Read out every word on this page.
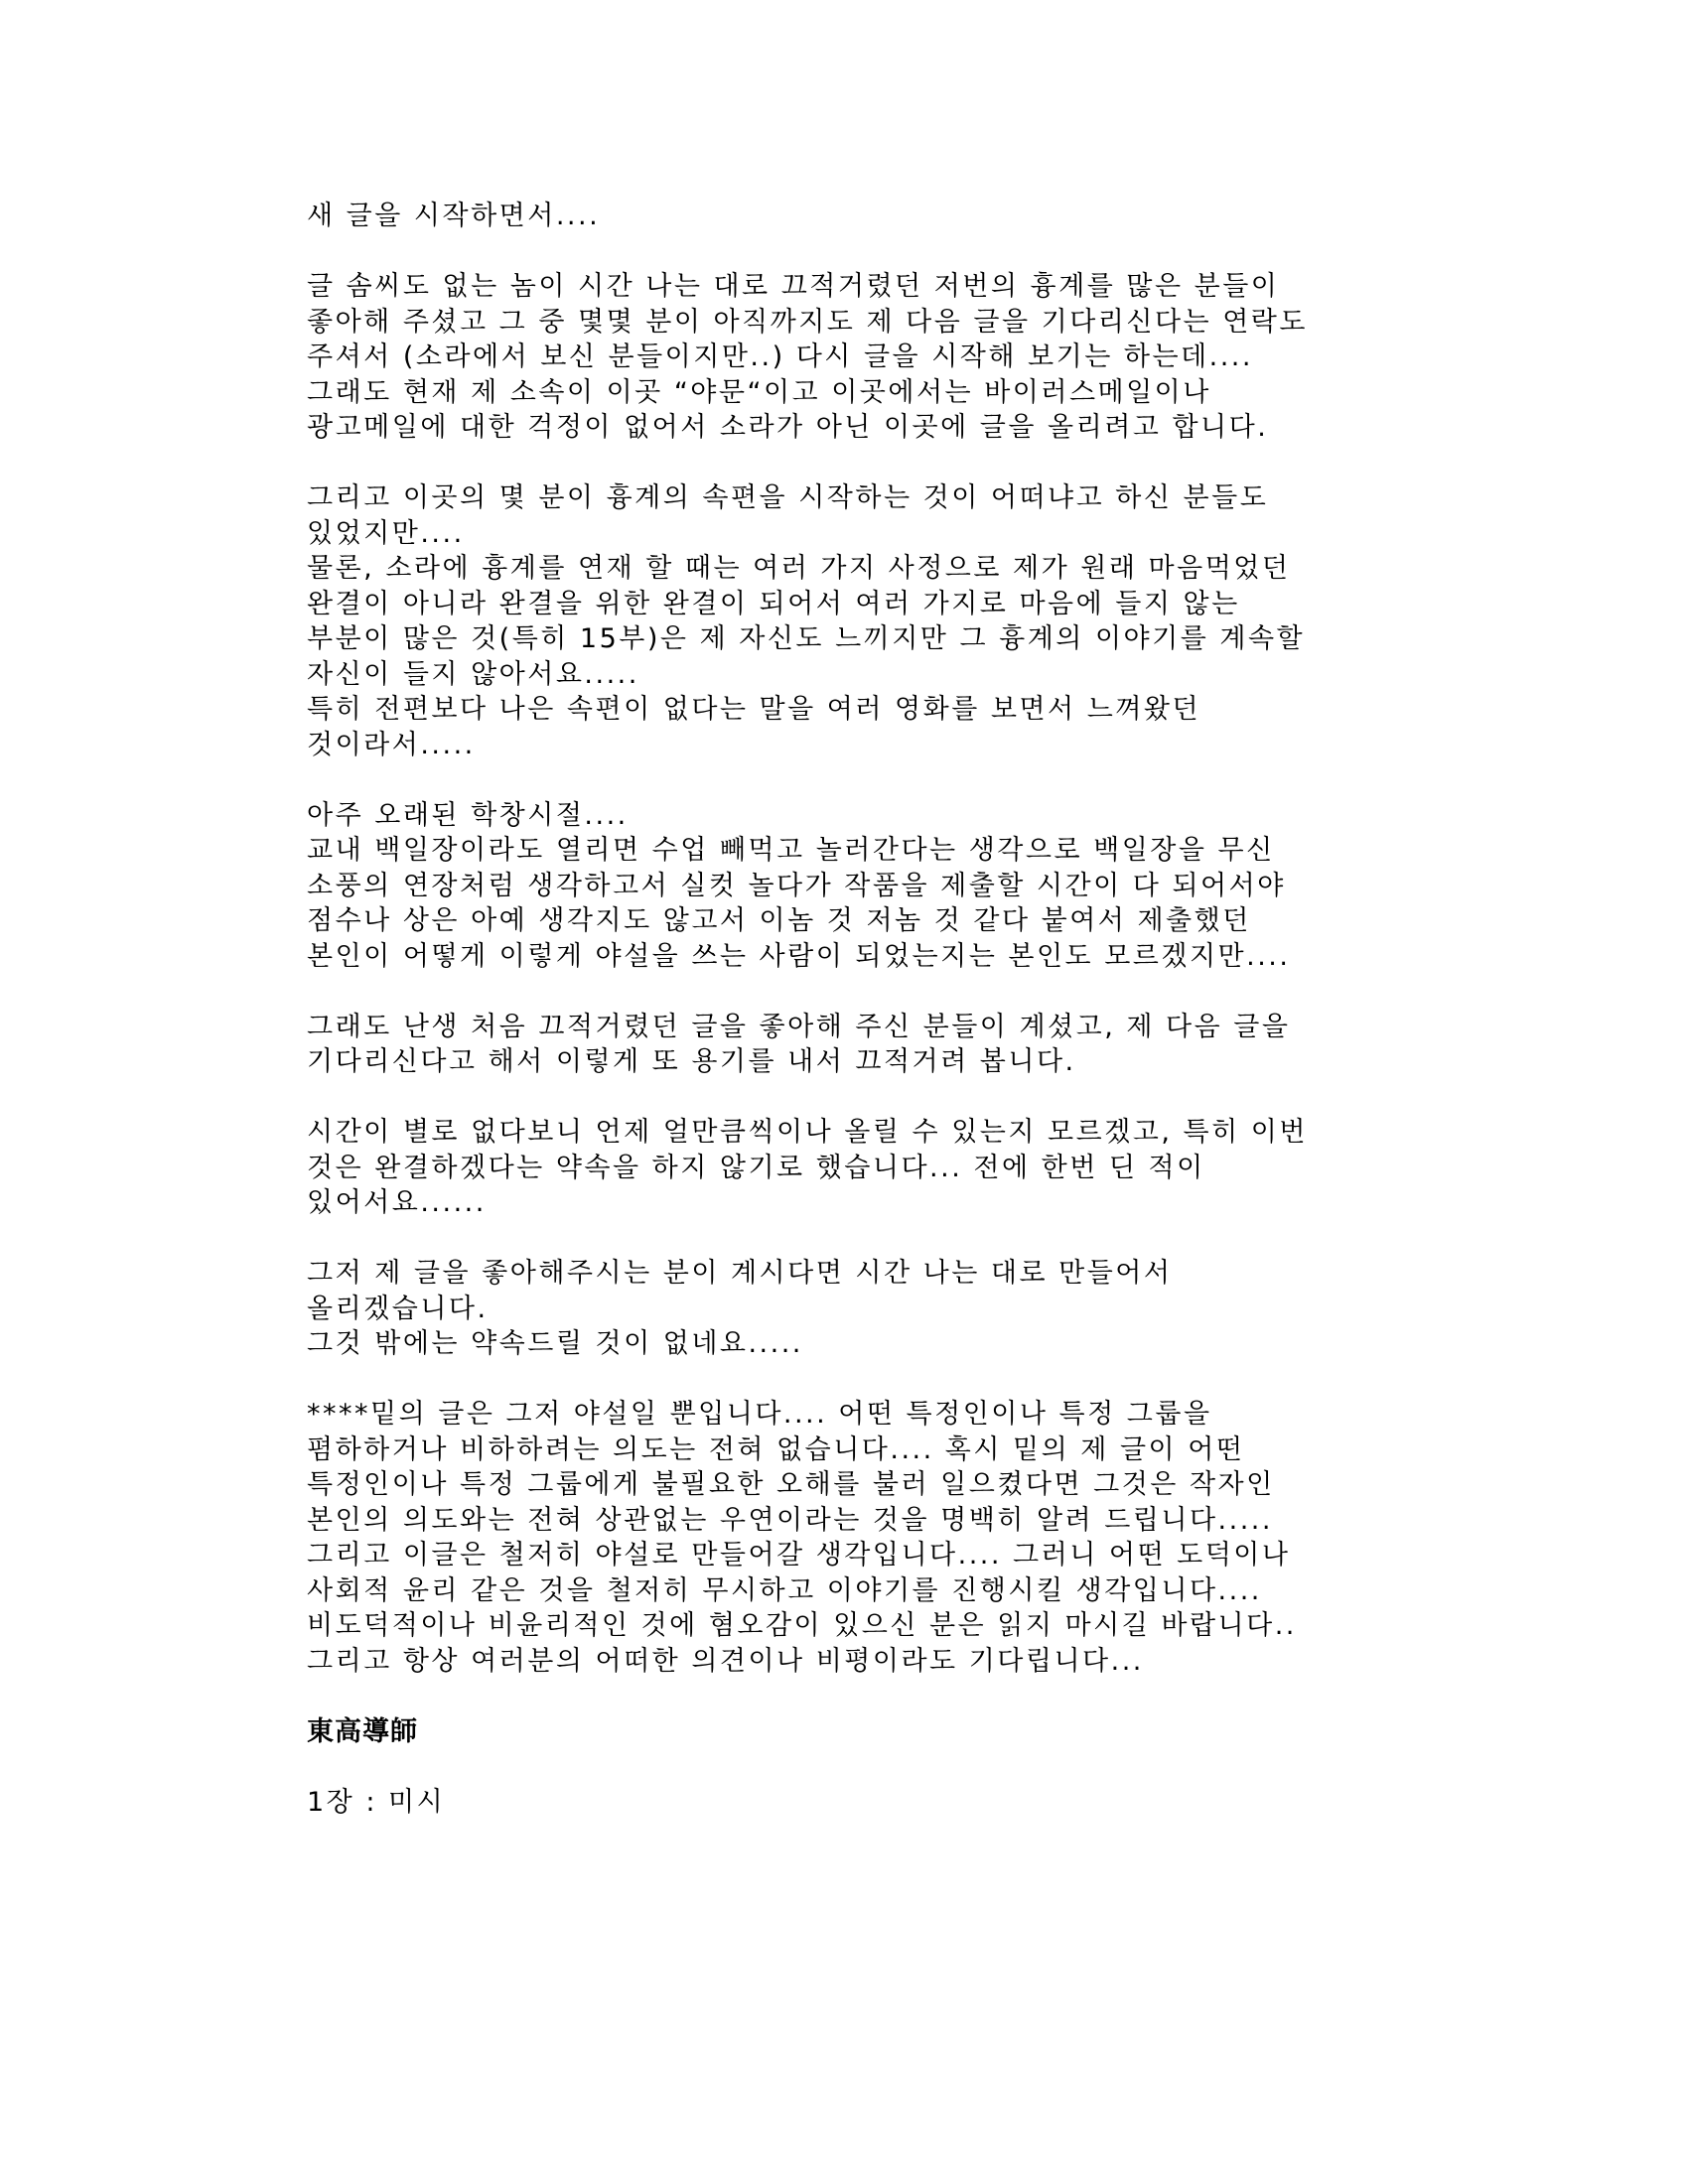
새 글을 시작하면서....
글 솜씨도 없는 놈이 시간 나는 대로 끄적거렸던 저번의 흉계를 많은 분들이
좋아해 주셨고 그 중 몇몇 분이 아직까지도 제 다음 글을 기다리신다는 연락도
주셔서 (소라에서 보신 분들이지만..) 다시 글을 시작해 보기는 하는데....
그래도 현재 제 소속이 이곳 “야문“이고 이곳에서는 바이러스메일이나
광고메일에 대한 걱정이 없어서 소라가 아닌 이곳에 글을 올리려고 합니다.
그리고 이곳의 몇 분이 흉계의 속편을 시작하는 것이 어떠냐고 하신 분들도
있었지만....
물론, 소라에 흉계를 연재 할 때는 여러 가지 사정으로 제가 원래 마음먹었던
완결이 아니라 완결을 위한 완결이 되어서 여러 가지로 마음에 들지 않는
부분이 많은 것(특히 15부)은 제 자신도 느끼지만 그 흉계의 이야기를 계속할
자신이 들지 않아서요.....
특히 전편보다 나은 속편이 없다는 말을 여러 영화를 보면서 느껴왔던
것이라서.....
아주 오래된 학창시절....
교내 백일장이라도 열리면 수업 빼먹고 놀러간다는 생각으로 백일장을 무신
소풍의 연장처럼 생각하고서 실컷 놀다가 작품을 제출할 시간이 다 되어서야
점수나 상은 아예 생각지도 않고서 이놈 것 저놈 것 같다 붙여서 제출했던
본인이 어떻게 이렇게 야설을 쓰는 사람이 되었는지는 본인도 모르겠지만....
그래도 난생 처음 끄적거렸던 글을 좋아해 주신 분들이 계셨고, 제 다음 글을
기다리신다고 해서 이렇게 또 용기를 내서 끄적거려 봅니다.
시간이 별로 없다보니 언제 얼만큼씩이나 올릴 수 있는지 모르겠고, 특히 이번
것은 완결하겠다는 약속을 하지 않기로 했습니다... 전에 한번 딘 적이
있어서요......
그저 제 글을 좋아해주시는 분이 계시다면 시간 나는 대로 만들어서
올리겠습니다.
그것 밖에는 약속드릴 것이 없네요.....
****밑의 글은 그저 야설일 뿐입니다.... 어떤 특정인이나 특정 그룹을
폄하하거나 비하하려는 의도는 전혀 없습니다.... 혹시 밑의 제 글이 어떤
특정인이나 특정 그룹에게 불필요한 오해를 불러 일으켰다면 그것은 작자인
본인의 의도와는 전혀 상관없는 우연이라는 것을 명백히 알려 드립니다.....
그리고 이글은 철저히 야설로 만들어갈 생각입니다.... 그러니 어떤 도덕이나
사회적 윤리 같은 것을 철저히 무시하고 이야기를 진행시킬 생각입니다....
비도덕적이나 비윤리적인 것에 혐오감이 있으신 분은 읽지 마시길 바랍니다..
그리고 항상 여러분의 어떠한 의견이나 비평이라도 기다립니다...
東高導師
1장 : 미시
